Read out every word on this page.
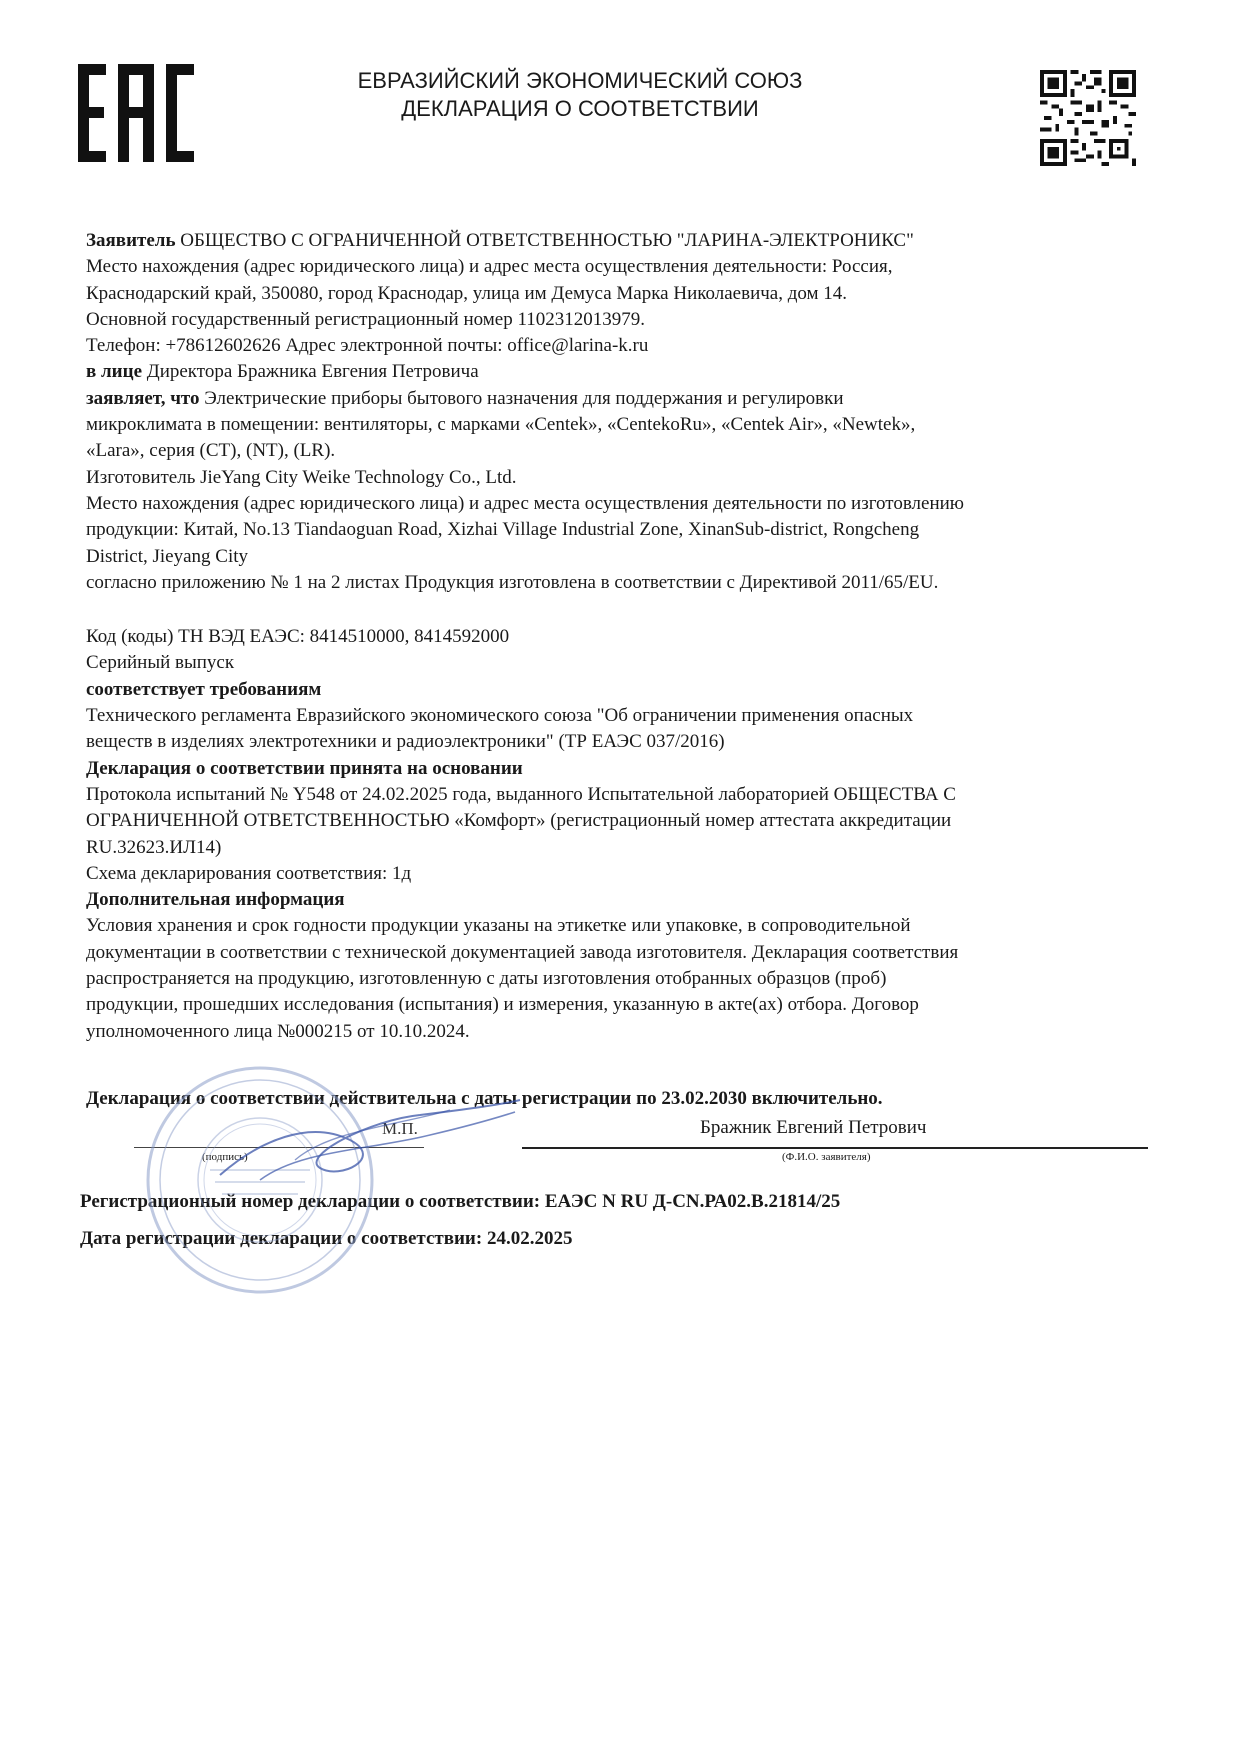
ЕВРАЗИЙСКИЙ ЭКОНОМИЧЕСКИЙ СОЮЗ
ДЕКЛАРАЦИЯ О СООТВЕТСТВИИ

Заявитель ОБЩЕСТВО С ОГРАНИЧЕННОЙ ОТВЕТСТВЕННОСТЬЮ "ЛАРИНА-ЭЛЕКТРОНИКС"

Место нахождения (адрес юридического лица) и адрес места осуществления деятельности: Россия,

Краснодарский край, 350080, город Краснодар, улица им Демуса Марка Николаевича, дом 14.

Основной государственный регистрационный номер 1102312013979.

Телефон: +78612602626 Адрес электронной почты: office@larina-k.ru

в лице Директора Бражника Евгения Петровича

заявляет, что Электрические приборы бытового назначения для поддержания и регулировки

микроклимата в помещении: вентиляторы, с марками «Centek», «CentekoRu», «Centek Air», «Newtek»,

«Lara», серия (CT), (NT), (LR).

Изготовитель JieYang City Weike Technology Co., Ltd.

Место нахождения (адрес юридического лица) и адрес места осуществления деятельности по изготовлению

продукции: Китай, No.13 Tiandaoguan Road, Xizhai Village Industrial Zone, XinanSub-district, Rongcheng

District, Jieyang City

согласно приложению № 1 на 2 листах Продукция изготовлена в соответствии с Директивой 2011/65/EU.

Код (коды) ТН ВЭД ЕАЭС: 8414510000, 8414592000

Серийный выпуск

соответствует требованиям

Технического регламента Евразийского экономического союза "Об ограничении применения опасных

веществ в изделиях электротехники и радиоэлектроники" (ТР ЕАЭС 037/2016)

Декларация о соответствии принята на основании

Протокола испытаний № Y548 от 24.02.2025 года, выданного Испытательной лабораторией ОБЩЕСТВА С

ОГРАНИЧЕННОЙ ОТВЕТСТВЕННОСТЬЮ «Комфорт» (регистрационный номер аттестата аккредитации

RU.32623.ИЛ14)

Схема декларирования соответствия: 1д

Дополнительная информация

Условия хранения и срок годности продукции указаны на этикетке или упаковке, в сопроводительной

документации в соответствии с технической документацией завода изготовителя. Декларация соответствия

распространяется на продукцию, изготовленную с даты изготовления отобранных образцов (проб)

продукции, прошедших исследования (испытания) и измерения, указанную в акте(ах) отбора. Договор

уполномоченного лица №000215 от 10.10.2024.

Декларация о соответствии действительна с даты регистрации по 23.02.2030 включительно.
М.П.	Бражник Евгений Петрович
(подпись)	(Ф.И.О. заявителя)
Регистрационный номер декларации о соответствии: ЕАЭС N RU Д-CN.РА02.В.21814/25
Дата регистрации декларации о соответствии: 24.02.2025
